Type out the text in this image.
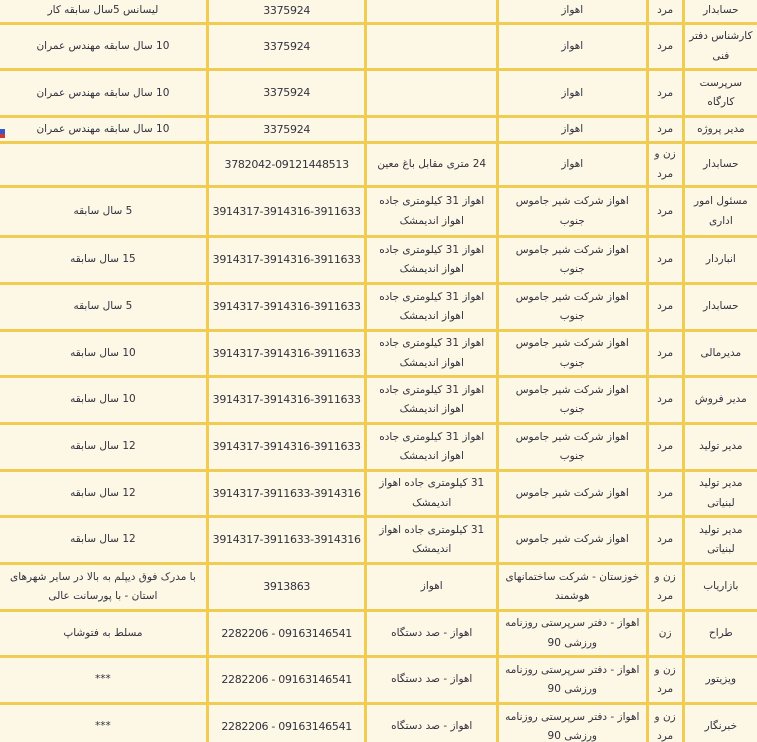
حسابدار	مرد	اهواز		3375924	لیسانس 5سال سابقه کار
کارشناس دفتر فنی	مرد	اهواز		3375924	10 سال سابقه مهندس عمران
سرپرست کارگاه	مرد	اهواز		3375924	10 سال سابقه مهندس عمران
مدیر پروژه	مرد	اهواز		3375924	10 سال سابقه مهندس عمران
حسابدار	زن و مرد	اهواز	24 متری مقابل باغ معین	3782042-09121448513	
مسئول امور اداری	مرد	اهواز شرکت شیر جاموس جنوب	اهواز 31 کیلومتری جاده اهواز اندیمشک	3914317-3914316-3911633	5 سال سابقه
انباردار	مرد	اهواز شرکت شیر جاموس جنوب	اهواز 31 کیلومتری جاده اهواز اندیمشک	3914317-3914316-3911633	15 سال سابقه
حسابدار	مرد	اهواز شرکت شیر جاموس جنوب	اهواز 31 کیلومتری جاده اهواز اندیمشک	3914317-3914316-3911633	5 سال سابقه
مدیرمالی	مرد	اهواز شرکت شیر جاموس جنوب	اهواز 31 کیلومتری جاده اهواز اندیمشک	3914317-3914316-3911633	10 سال سابقه
مدیر فروش	مرد	اهواز شرکت شیر جاموس جنوب	اهواز 31 کیلومتری جاده اهواز اندیمشک	3914317-3914316-3911633	10 سال سابقه
مدیر تولید	مرد	اهواز شرکت شیر جاموس جنوب	اهواز 31 کیلومتری جاده اهواز اندیمشک	3914317-3914316-3911633	12 سال سابقه
مدیر تولید لبنیاتی	مرد	اهواز شرکت شیر جاموس	31 کیلومتری جاده اهواز اندیمشک	3914317-3911633-3914316	12 سال سابقه
مدیر تولید لبنیاتی	مرد	اهواز شرکت شیر جاموس	31 کیلومتری جاده اهواز اندیمشک	3914317-3911633-3914316	12 سال سابقه
بازاریاب	زن و مرد	خوزستان - شرکت ساختمانهای هوشمند	اهواز	3913863	با مدرک فوق دیپلم به بالا در سایر شهرهای استان - با پورسانت عالی
طراح	زن	اهواز - دفتر سرپرستی روزنامه ورزشی 90	اهواز - صد دستگاه	2282206 - 09163146541	مسلط به فتوشاپ
ویزیتور	زن و مرد	اهواز - دفتر سرپرستی روزنامه ورزشی 90	اهواز - صد دستگاه	2282206 - 09163146541	***
خبرنگار	زن و مرد	اهواز - دفتر سرپرستی روزنامه ورزشی 90	اهواز - صد دستگاه	2282206 - 09163146541	***
